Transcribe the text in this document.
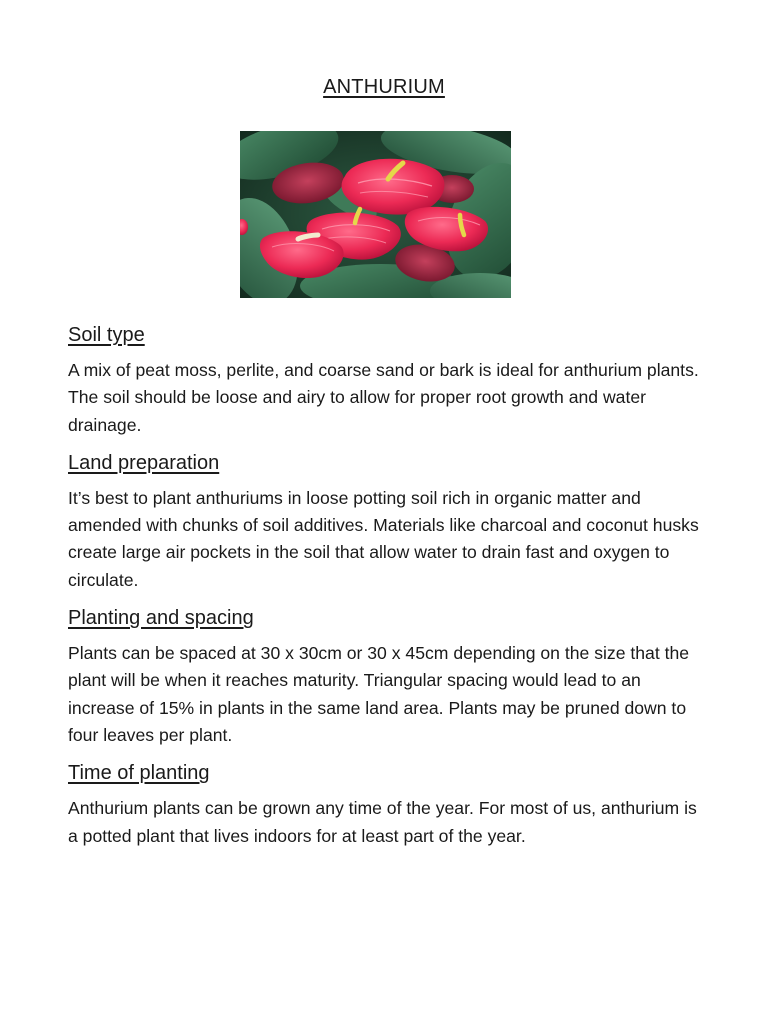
ANTHURIUM
Soil type

A mix of peat moss, perlite, and coarse sand or bark is ideal for anthurium plants. The soil should be loose and airy to allow for proper root growth and water drainage.

Land preparation

It’s best to plant anthuriums in loose potting soil rich in organic matter and amended with chunks of soil additives. Materials like charcoal and coconut husks create large air pockets in the soil that allow water to drain fast and oxygen to circulate.

Planting and spacing

Plants can be spaced at 30 x 30cm or 30 x 45cm depending on the size that the plant will be when it reaches maturity. Triangular spacing would lead to an increase of 15% in plants in the same land area. Plants may be pruned down to four leaves per plant.

Time of planting

Anthurium plants can be grown any time of the year. For most of us, anthurium is a potted plant that lives indoors for at least part of the year.
